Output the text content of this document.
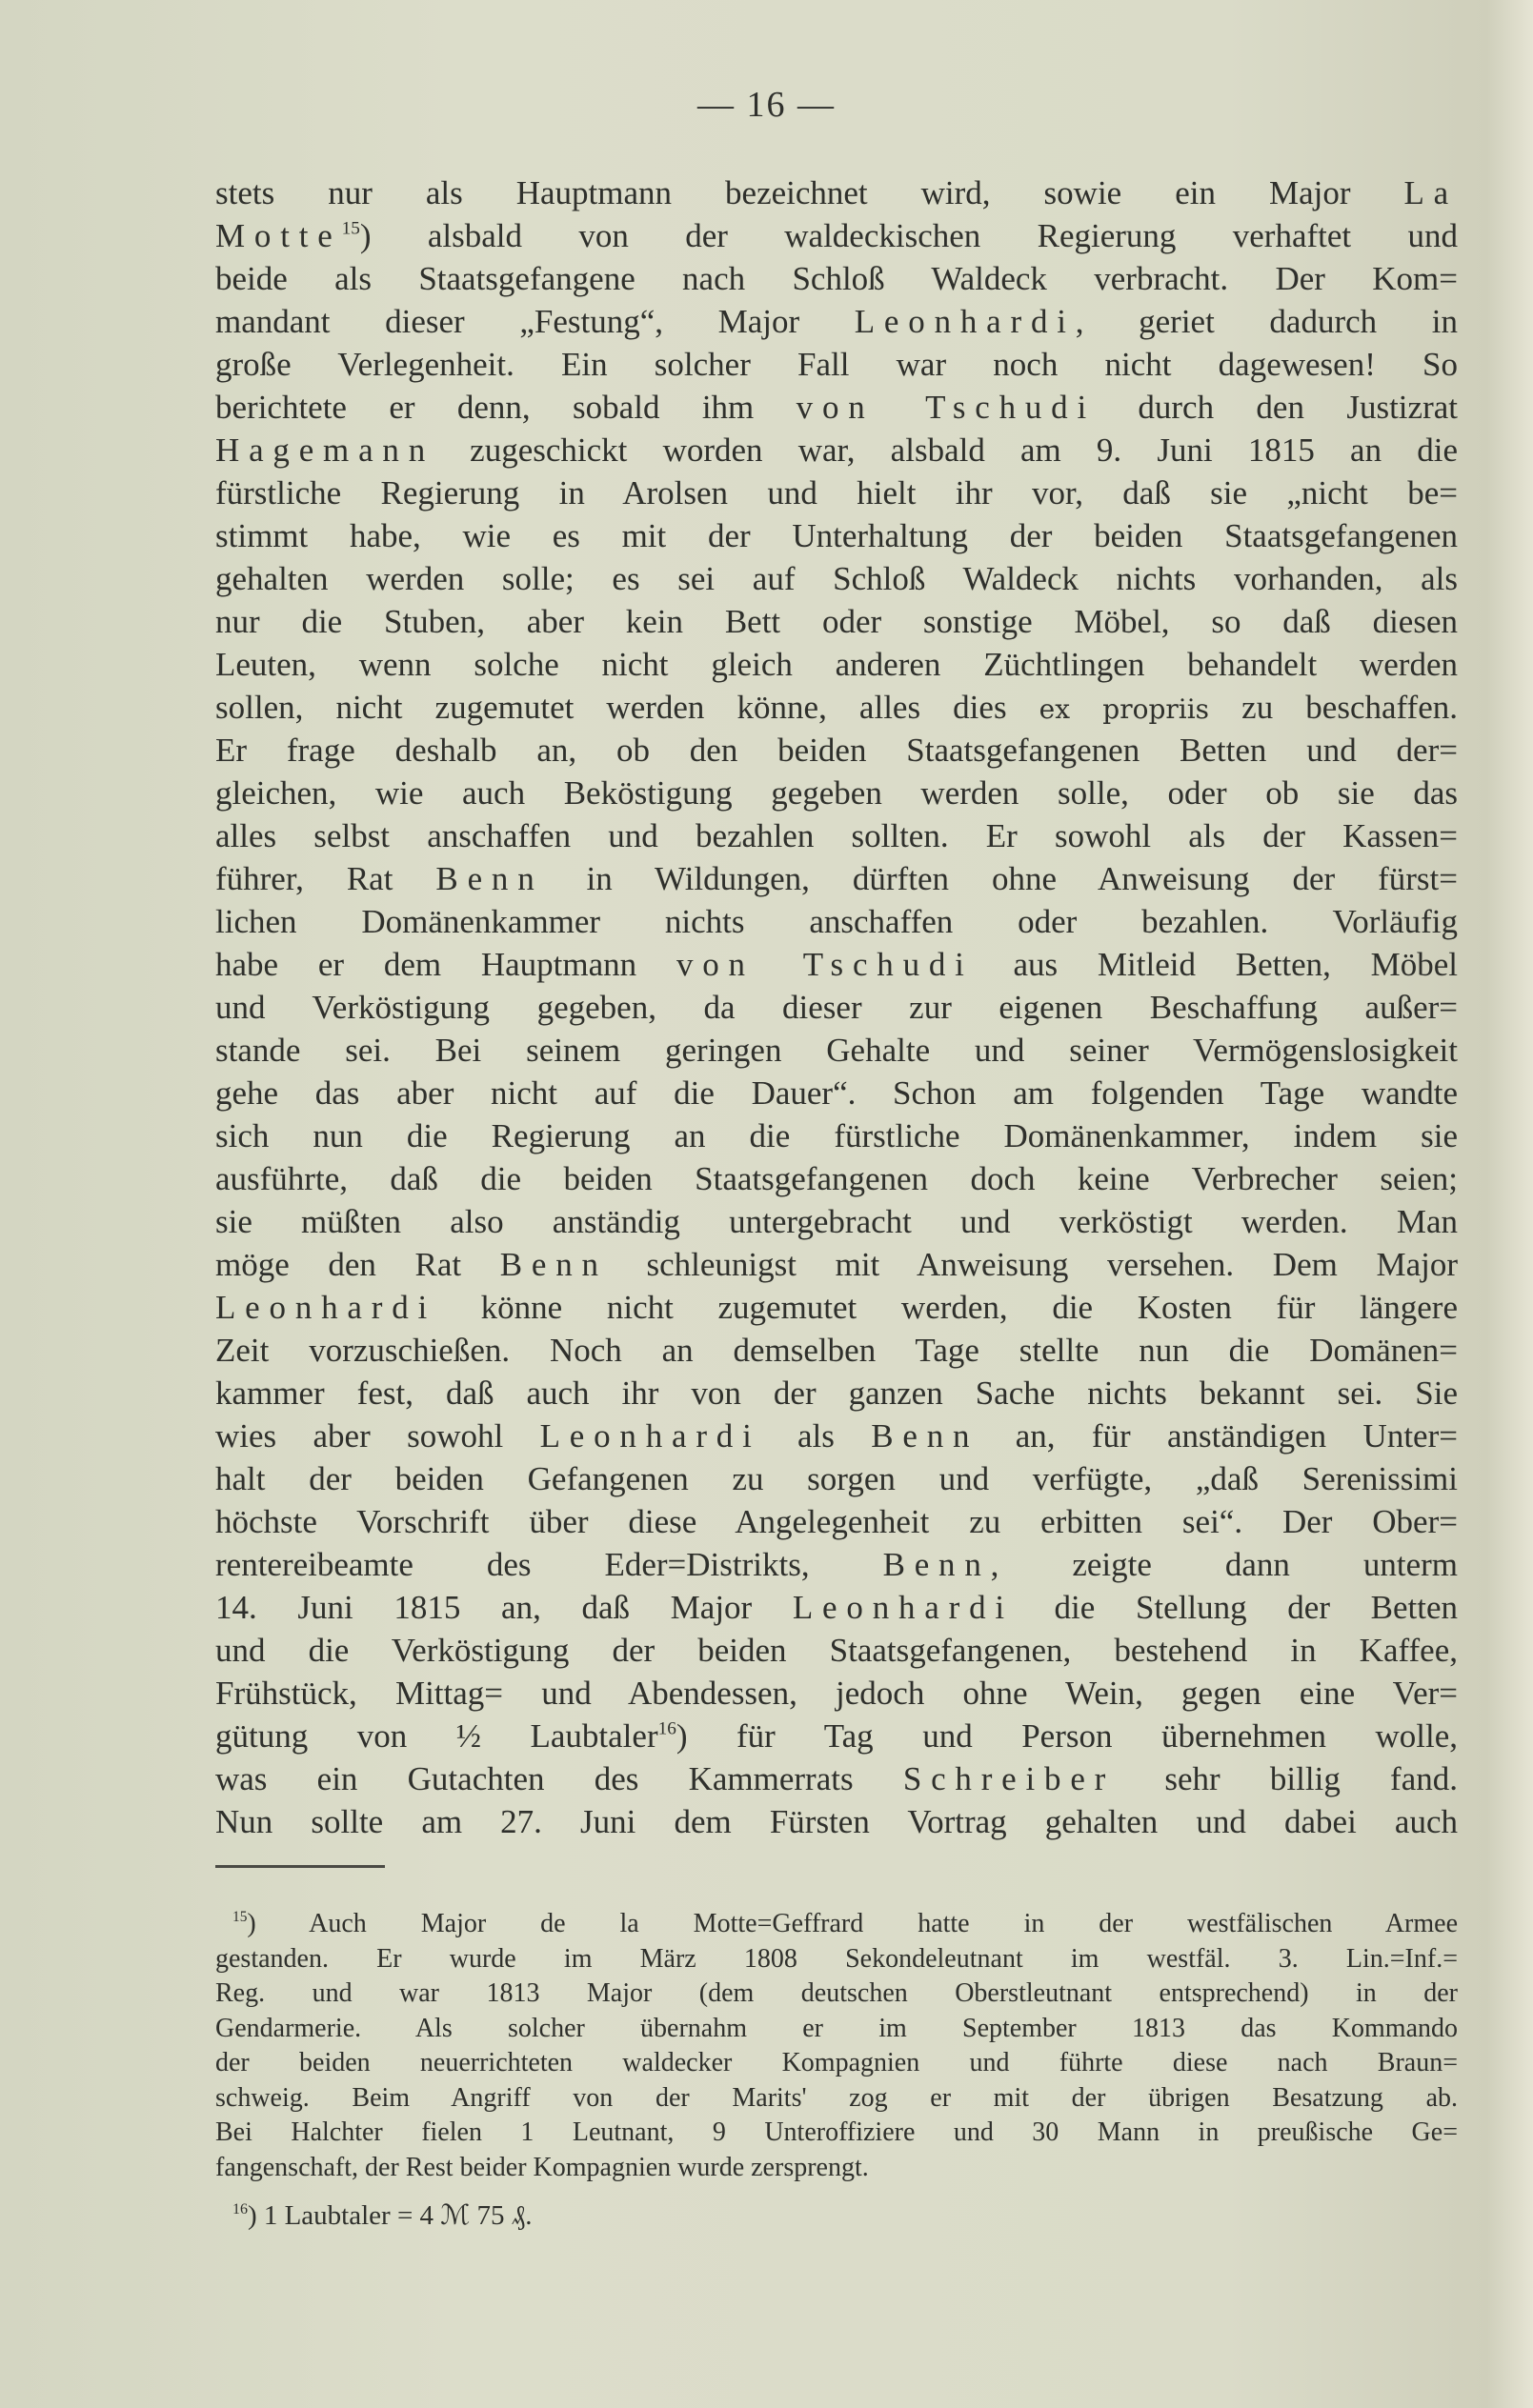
— 16 —
stets nur als Hauptmann bezeichnet wird, sowie ein Major La
Motte$^{15}$) alsbald von der waldeckischen Regierung verhaftet und
beide als Staatsgefangene nach Schloß Waldeck verbracht. Der Kom=
mandant dieser „Festung“, Major Leonhardi, geriet dadurch in
große Verlegenheit. Ein solcher Fall war noch nicht dagewesen! So
berichtete er denn, sobald ihm von Tschudi durch den Justizrat
Hagemann zugeschickt worden war, alsbald am 9. Juni 1815 an die
fürstliche Regierung in Arolsen und hielt ihr vor, daß sie „nicht be=
stimmt habe, wie es mit der Unterhaltung der beiden Staatsgefangenen
gehalten werden solle; es sei auf Schloß Waldeck nichts vorhanden, als
nur die Stuben, aber kein Bett oder sonstige Möbel, so daß diesen
Leuten, wenn solche nicht gleich anderen Züchtlingen behandelt werden
sollen, nicht zugemutet werden könne, alles dies ex propriis zu beschaffen.
Er frage deshalb an, ob den beiden Staatsgefangenen Betten und der=
gleichen, wie auch Beköstigung gegeben werden solle, oder ob sie das
alles selbst anschaffen und bezahlen sollten. Er sowohl als der Kassen=
führer, Rat Benn in Wildungen, dürften ohne Anweisung der fürst=
lichen Domänenkammer nichts anschaffen oder bezahlen. Vorläufig
habe er dem Hauptmann von Tschudi aus Mitleid Betten, Möbel
und Verköstigung gegeben, da dieser zur eigenen Beschaffung außer=
stande sei. Bei seinem geringen Gehalte und seiner Vermögenslosigkeit
gehe das aber nicht auf die Dauer“. Schon am folgenden Tage wandte
sich nun die Regierung an die fürstliche Domänenkammer, indem sie
ausführte, daß die beiden Staatsgefangenen doch keine Verbrecher seien;
sie müßten also anständig untergebracht und verköstigt werden. Man
möge den Rat Benn schleunigst mit Anweisung versehen. Dem Major
Leonhardi könne nicht zugemutet werden, die Kosten für längere
Zeit vorzuschießen. Noch an demselben Tage stellte nun die Domänen=
kammer fest, daß auch ihr von der ganzen Sache nichts bekannt sei. Sie
wies aber sowohl Leonhardi als Benn an, für anständigen Unter=
halt der beiden Gefangenen zu sorgen und verfügte, „daß Serenissimi
höchste Vorschrift über diese Angelegenheit zu erbitten sei“. Der Ober=
rentereibeamte des Eder=Distrikts, Benn, zeigte dann unterm
14. Juni 1815 an, daß Major Leonhardi die Stellung der Betten
und die Verköstigung der beiden Staatsgefangenen, bestehend in Kaffee,
Frühstück, Mittag= und Abendessen, jedoch ohne Wein, gegen eine Ver=
gütung von ½ Laubtaler$^{16}$) für Tag und Person übernehmen wolle,
was ein Gutachten des Kammerrats Schreiber sehr billig fand.
Nun sollte am 27. Juni dem Fürsten Vortrag gehalten und dabei auch
$^{15}$) Auch Major de la Motte=Geffrard hatte in der westfälischen Armee
gestanden. Er wurde im März 1808 Sekondeleutnant im westfäl. 3. Lin.=Inf.=
Reg. und war 1813 Major (dem deutschen Oberstleutnant entsprechend) in der
Gendarmerie. Als solcher übernahm er im September 1813 das Kommando
der beiden neuerrichteten waldecker Kompagnien und führte diese nach Braun=
schweig. Beim Angriff von der Marits' zog er mit der übrigen Besatzung ab.
Bei Halchter fielen 1 Leutnant, 9 Unteroffiziere und 30 Mann in preußische Ge=
fangenschaft, der Rest beider Kompagnien wurde zersprengt.
$^{16}$) 1 Laubtaler = 4 ℳ 75 ₰.
